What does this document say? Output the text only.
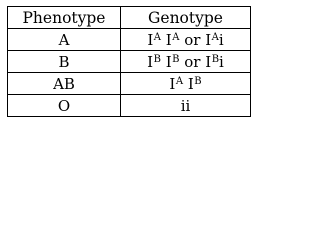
Phenotype	Genotype
A	$I^A$ $I^A$ or $I^Ai$
B	$I^B$ $I^B$ or $I^Bi$
AB	$I^A$ $I^B$
O	ii
